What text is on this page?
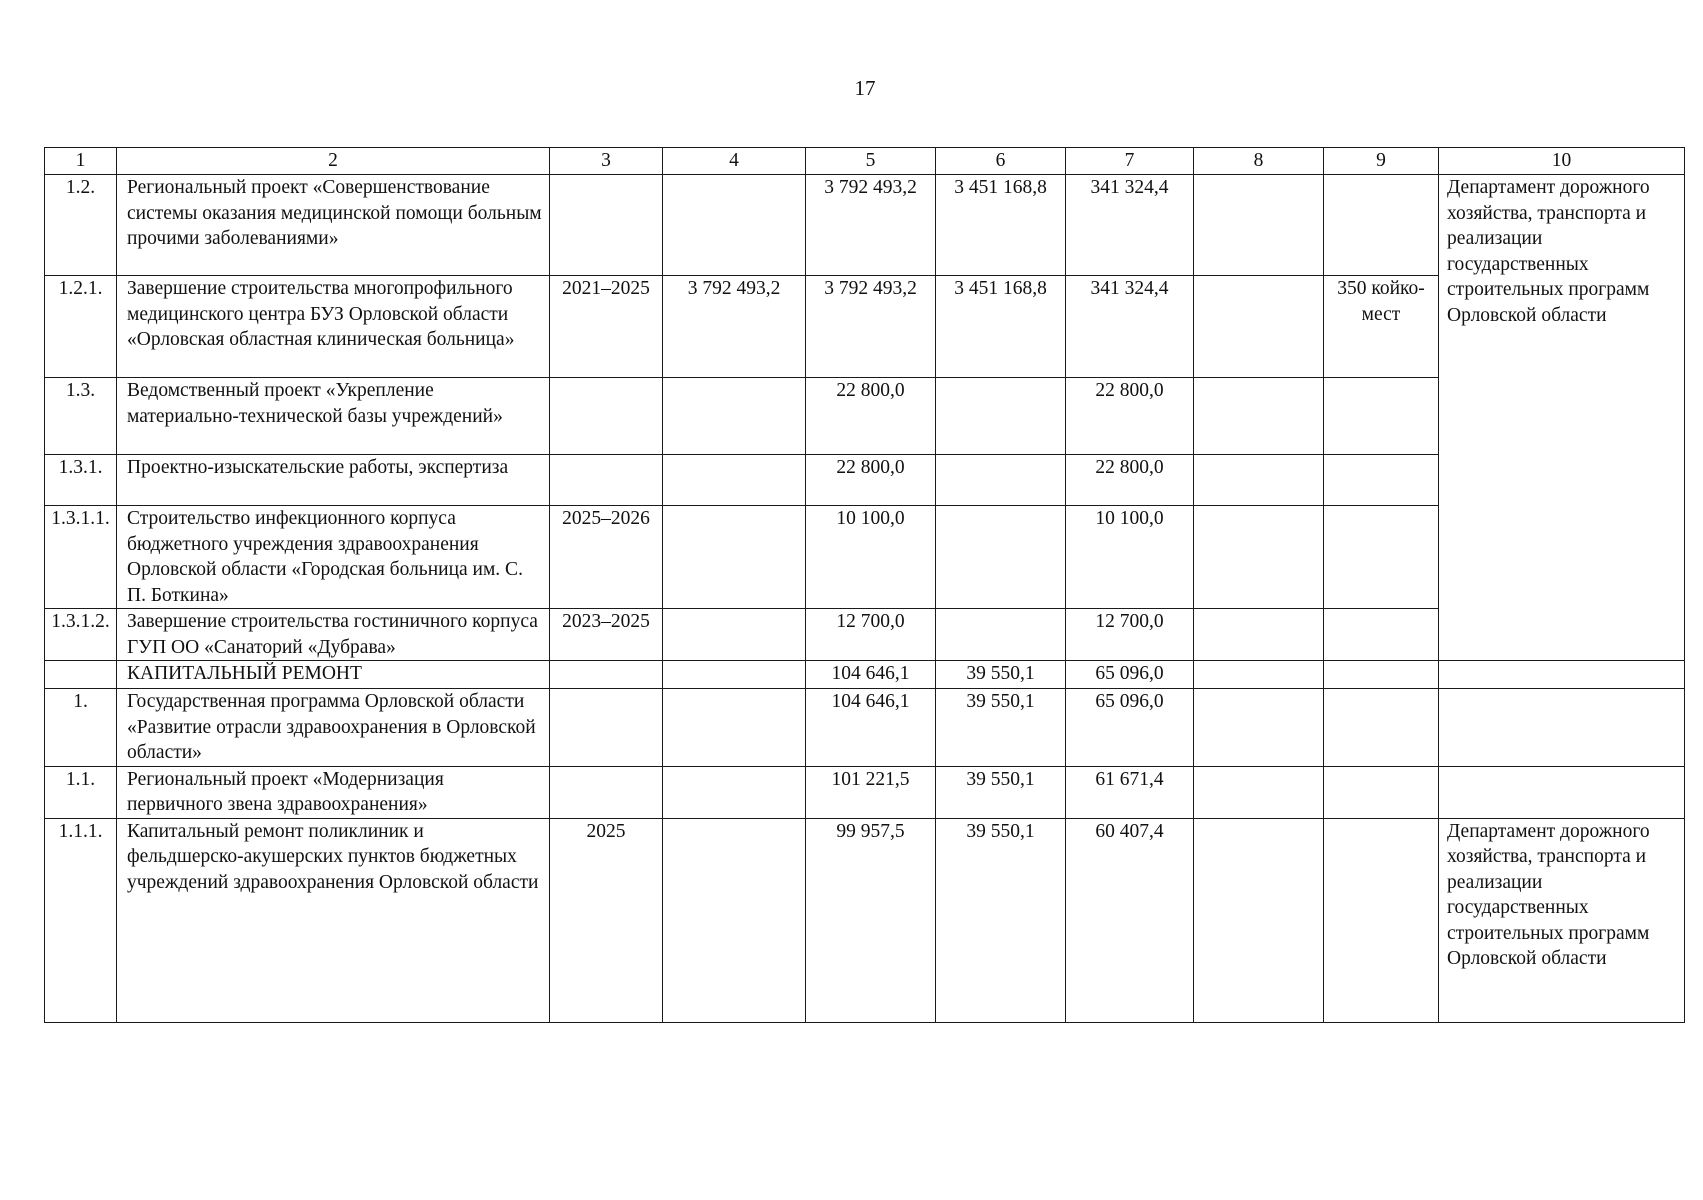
17
1	2	3	4	5	6	7	8	9	10
1.2.	Региональный проект «Совершенствование системы оказания медицинской помощи больным прочими заболеваниями»			3 792 493,2	3 451 168,8	341 324,4			Департамент дорожного хозяйства, транспорта и реализации государственных строительных программ Орловской области
1.2.1.	Завершение строительства многопрофильного медицинского центра БУЗ Орловской области «Орловская областная клиническая больница»	2021–2025	3 792 493,2	3 792 493,2	3 451 168,8	341 324,4		350 койко-мест	
1.3.	Ведомственный проект «Укрепление материально-технической базы учреждений»			22 800,0		22 800,0			
1.3.1.	Проектно-изыскательские работы, экспертиза			22 800,0		22 800,0			
1.3.1.1.	Строительство инфекционного корпуса бюджетного учреждения здравоохранения Орловской области «Городская больница им. С. П. Боткина»	2025–2026		10 100,0		10 100,0			
1.3.1.2.	Завершение строительства гостиничного корпуса ГУП ОО «Санаторий «Дубрава»	2023–2025		12 700,0		12 700,0			
	КАПИТАЛЬНЫЙ РЕМОНТ			104 646,1	39 550,1	65 096,0			
1.	Государственная программа Орловской области «Развитие отрасли здравоохранения в Орловской области»			104 646,1	39 550,1	65 096,0			
1.1.	Региональный проект «Модернизация первичного звена здравоохранения»			101 221,5	39 550,1	61 671,4			
1.1.1.	Капитальный ремонт поликлиник и фельдшерско-акушерских пунктов бюджетных учреждений здравоохранения Орловской области	2025		99 957,5	39 550,1	60 407,4			Департамент дорожного хозяйства, транспорта и реализации государственных строительных программ Орловской области
